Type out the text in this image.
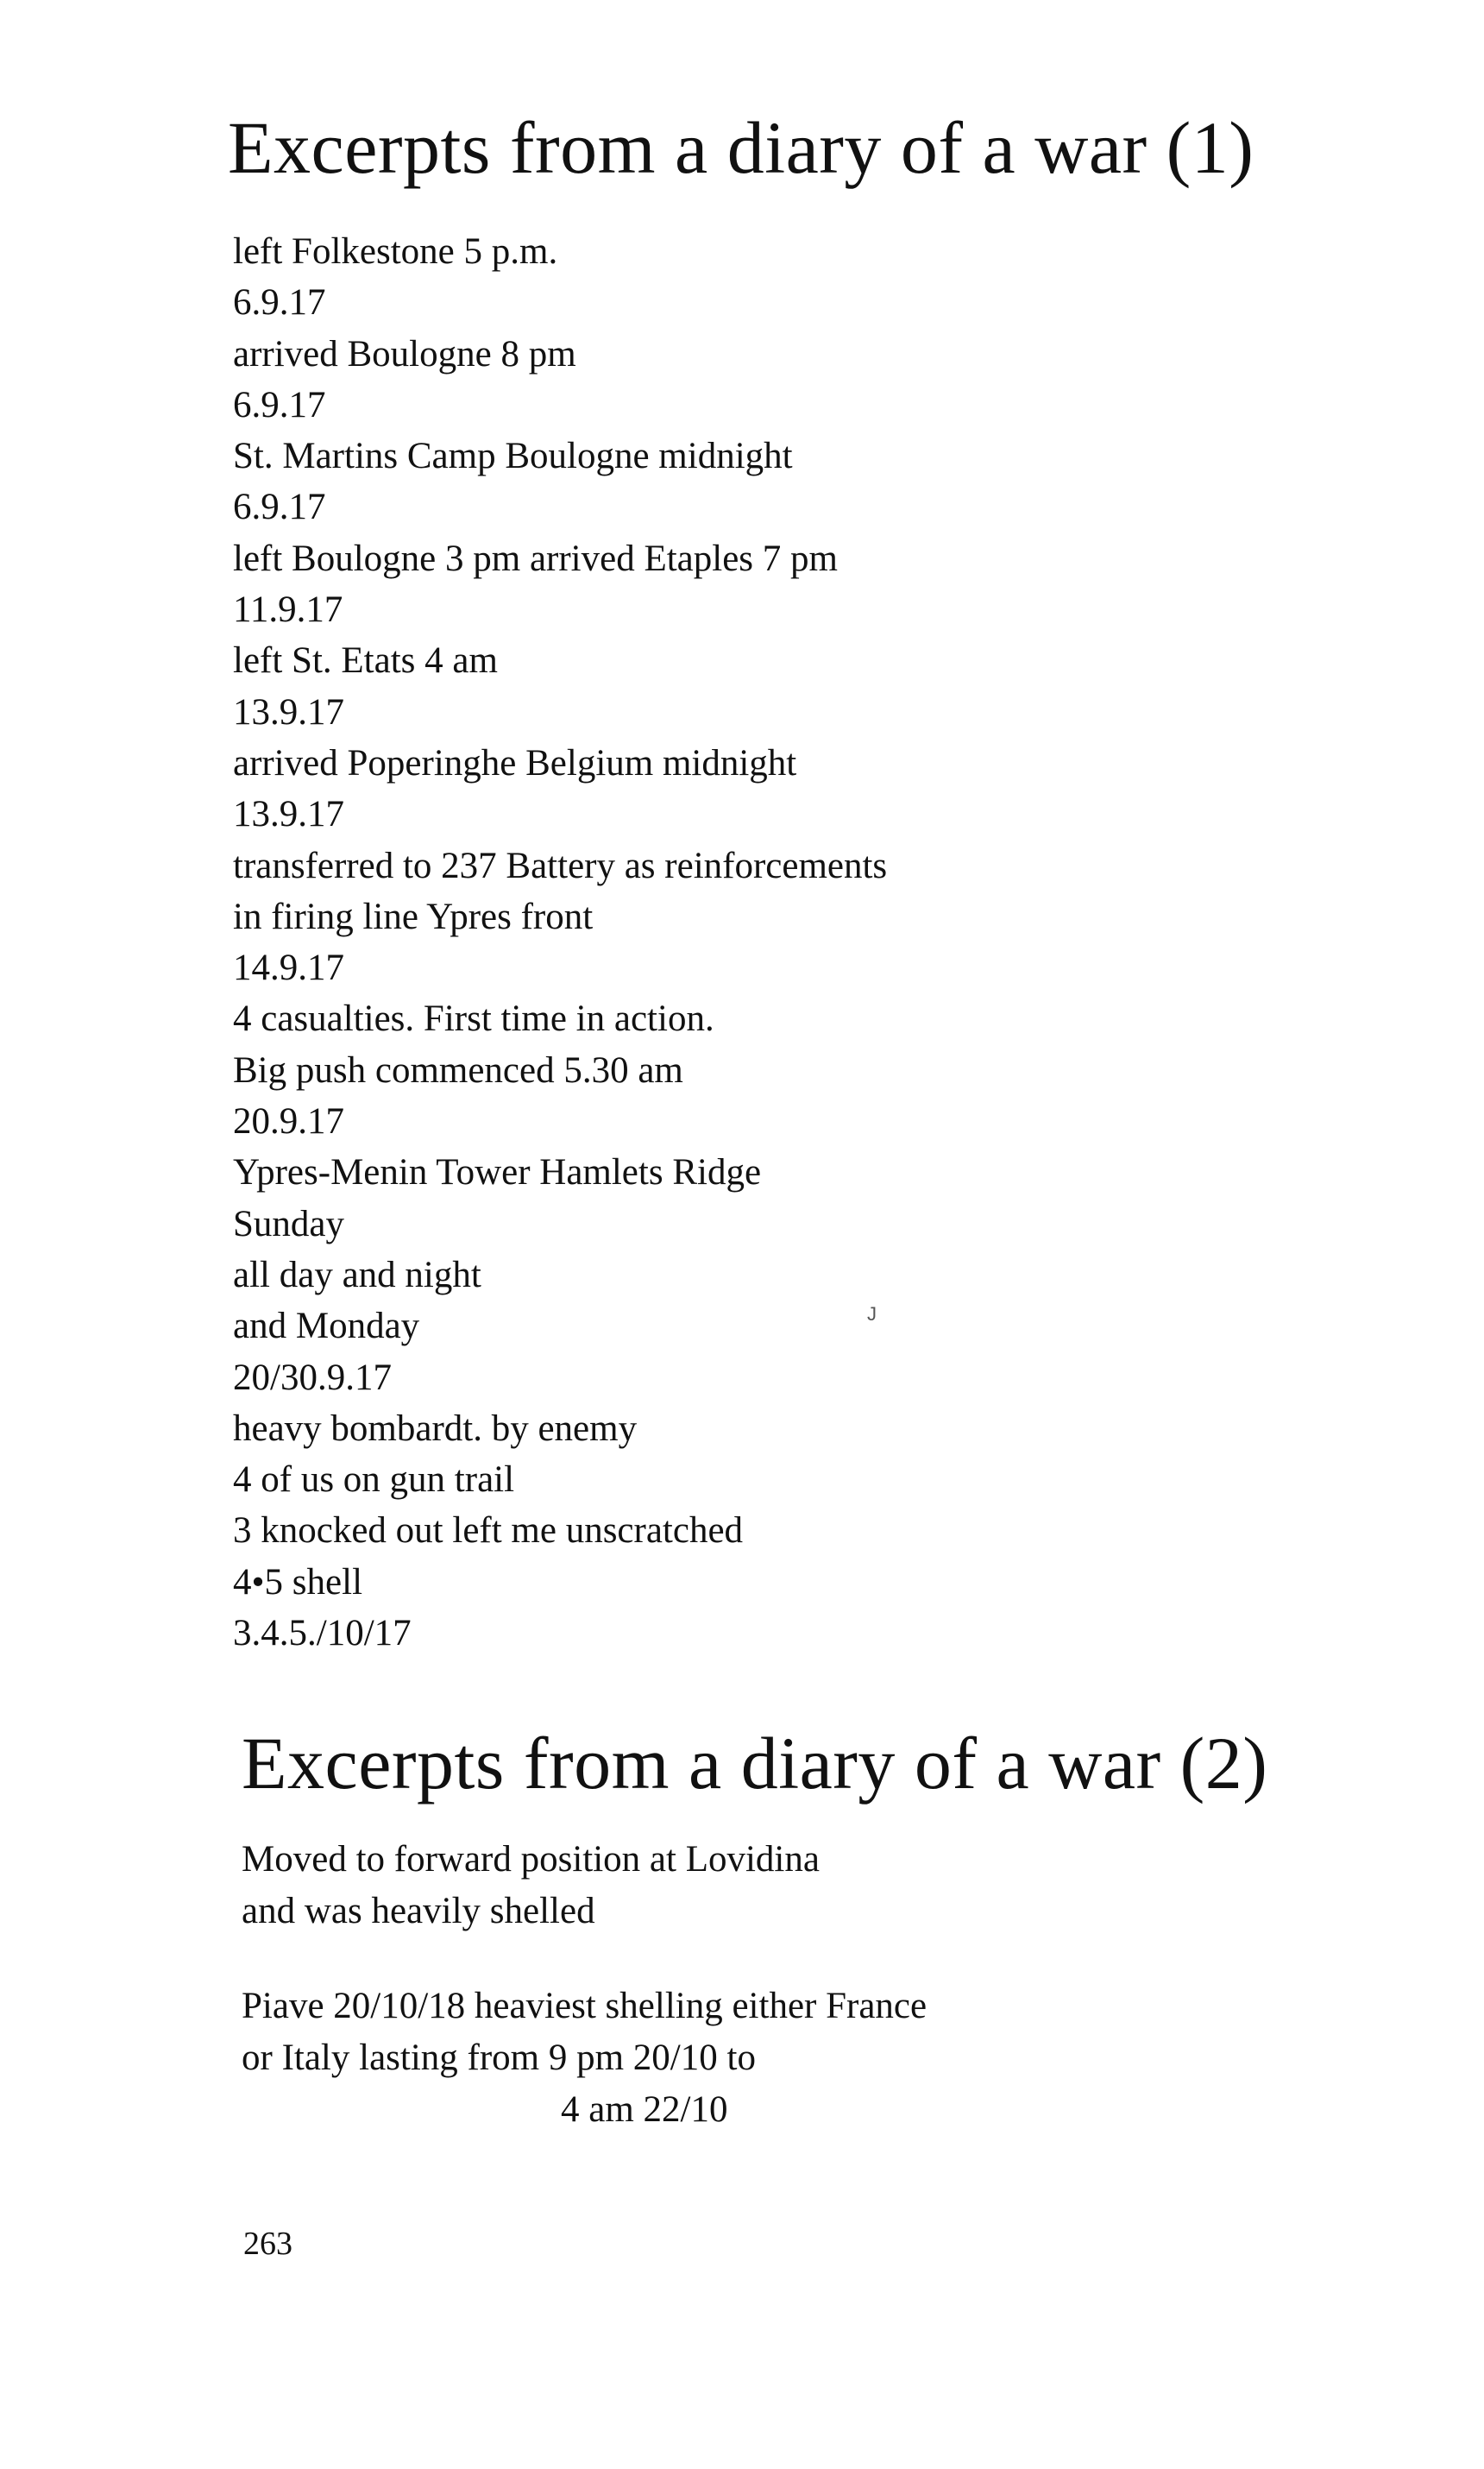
Excerpts from a diary of a war (1)
left Folkestone 5 p.m.
6.9.17
arrived Boulogne 8 pm
6.9.17
St. Martins Camp Boulogne midnight
6.9.17
left Boulogne 3 pm arrived Etaples 7 pm
11.9.17
left St. Etats 4 am
13.9.17
arrived Poperinghe Belgium midnight
13.9.17
transferred to 237 Battery as reinforcements
in firing line Ypres front
14.9.17
4 casualties. First time in action.
Big push commenced 5.30 am
20.9.17
Ypres-Menin Tower Hamlets Ridge
Sunday
all day and night
and Monday
20/30.9.17
heavy bombardt. by enemy
4 of us on gun trail
3 knocked out left me unscratched
4•5 shell
3.4.5./10/17
J
Excerpts from a diary of a war (2)
Moved to forward position at Lovidina
and was heavily shelled
Piave 20/10/18 heaviest shelling either France
or Italy lasting from 9 pm 20/10 to
4 am 22/10
263
